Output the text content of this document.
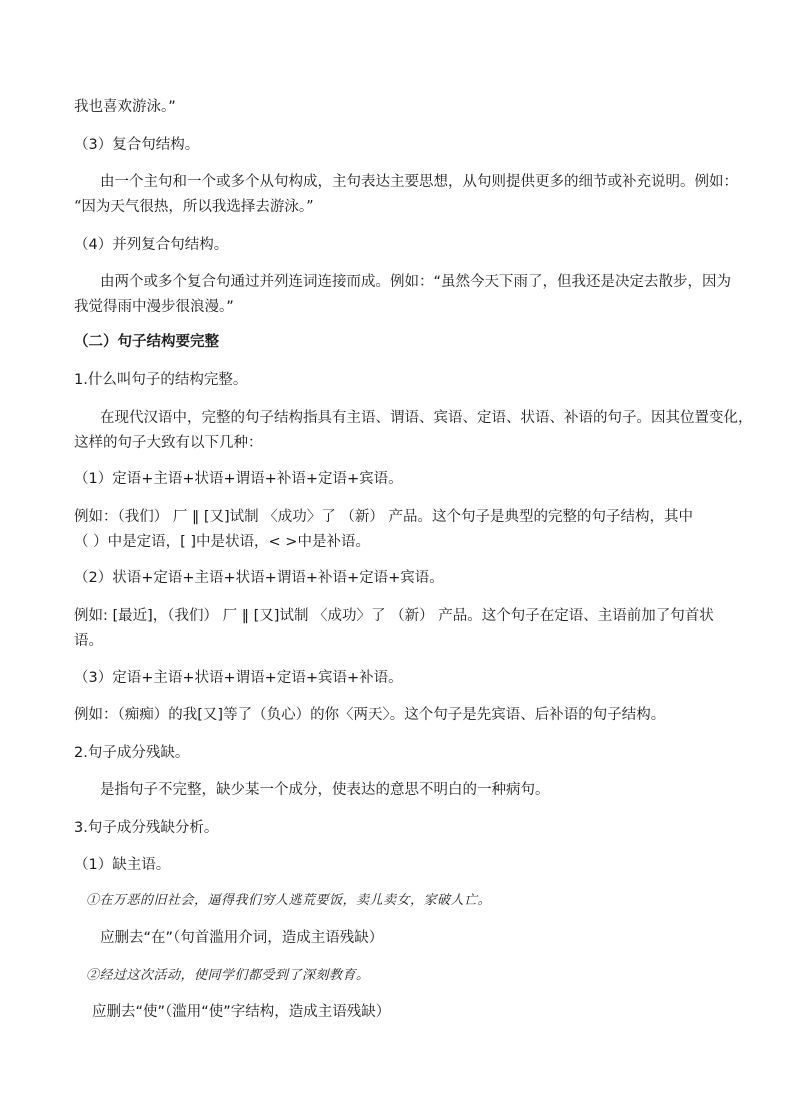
我也喜欢游泳。”
（3）复合句结构。
由一个主句和一个或多个从句构成，主句表达主要思想，从句则提供更多的细节或补充说明。例如：
“因为天气很热，所以我选择去游泳。”
（4）并列复合句结构。
由两个或多个复合句通过并列连词连接而成。例如：“虽然今天下雨了，但我还是决定去散步，因为
我觉得雨中漫步很浪漫。”
（二）句子结构要完整
1.什么叫句子的结构完整。
在现代汉语中，完整的句子结构指具有主语、谓语、宾语、定语、状语、补语的句子。因其位置变化，
这样的句子大致有以下几种：
（1）定语+主语+状语+谓语+补语+定语+宾语。
例如：（我们） 厂 ‖ [又]试制 〈成功〉了 （新） 产品。这个句子是典型的完整的句子结构，其中
（ ）中是定语，[ ]中是状语，< >中是补语。
（2）状语+定语+主语+状语+谓语+补语+定语+宾语。
例如: [最近]，（我们） 厂 ‖ [又]试制 〈成功〉了 （新） 产品。这个句子在定语、主语前加了句首状
语。
（3）定语+主语+状语+谓语+定语+宾语+补语。
例如：（痴痴）的我[又]等了（负心）的你〈两天〉。这个句子是先宾语、后补语的句子结构。
2.句子成分残缺。
是指句子不完整，缺少某一个成分，使表达的意思不明白的一种病句。
3.句子成分残缺分析。
（1）缺主语。
①在万恶的旧社会，逼得我们穷人逃荒要饭，卖儿卖女，家破人亡。
应删去“在”（句首滥用介词，造成主语残缺）
②经过这次活动，使同学们都受到了深刻教育。
应删去“使”（滥用“使”字结构，造成主语残缺）
